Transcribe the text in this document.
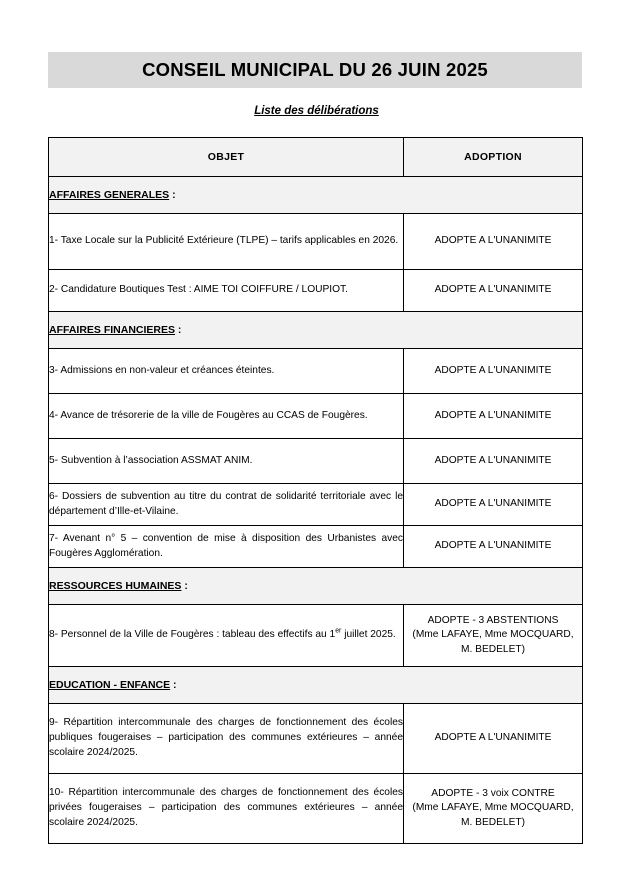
CONSEIL MUNICIPAL DU 26 JUIN 2025
Liste des délibérations
OBJET	ADOPTION
AFFAIRES GENERALES :	
1- Taxe Locale sur la Publicité Extérieure (TLPE) – tarifs applicables en 2026.	ADOPTE A L'UNANIMITE
2- Candidature Boutiques Test : AIME TOI COIFFURE / LOUPIOT.	ADOPTE A L'UNANIMITE
AFFAIRES FINANCIERES :	
3- Admissions en non-valeur et créances éteintes.	ADOPTE A L'UNANIMITE
4- Avance de trésorerie de la ville de Fougères au CCAS de Fougères.	ADOPTE A L'UNANIMITE
5- Subvention à l’association ASSMAT ANIM.	ADOPTE A L'UNANIMITE
6- Dossiers de subvention au titre du contrat de solidarité territoriale avec le département d’Ille-et-Vilaine.	ADOPTE A L'UNANIMITE
7- Avenant n° 5 – convention de mise à disposition des Urbanistes avec Fougères Agglomération.	ADOPTE A L'UNANIMITE
RESSOURCES HUMAINES :	
8- Personnel de la Ville de Fougères : tableau des effectifs au 1er juillet 2025.	ADOPTE - 3 ABSTENTIONS
(Mme LAFAYE, Mme MOCQUARD,
M. BEDELET)
EDUCATION - ENFANCE :	
9- Répartition intercommunale des charges de fonctionnement des écoles publiques fougeraises – participation des communes extérieures – année scolaire 2024/2025.	ADOPTE A L'UNANIMITE
10- Répartition intercommunale des charges de fonctionnement des écoles privées fougeraises – participation des communes extérieures – année scolaire 2024/2025.	ADOPTE - 3 voix CONTRE
(Mme LAFAYE, Mme MOCQUARD,
M. BEDELET)
